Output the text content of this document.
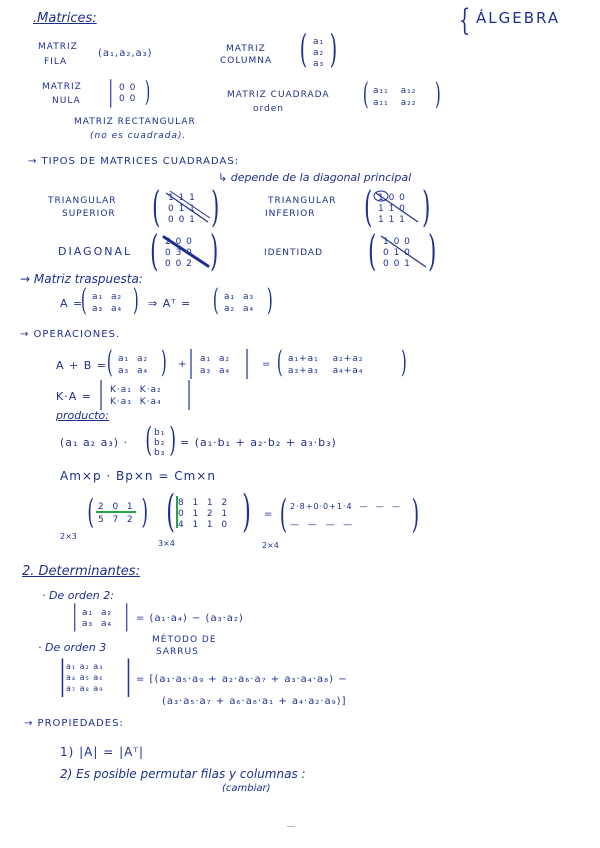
{ ÁLGEBRA
.Matrices:
MATRIZ
FILA
(a₁,a₂,a₃)	MATRIZ
COLUMNA ( a₁
a₂
a₃ )
MATRIZ
NULA | 0 0
0 0 )	MATRIZ CUADRADA
orden	( a₁₁ a₁₂
a₂₁ a₂₂ )
MATRIZ RECTANGULAR
(no es cuadrada).
→ TIPOS DE MATRICES CUADRADAS:
↳ depende de la diagonal principal
TRIANGULAR
SUPERIOR ( 1 1 1
0 1 1
0 0 1 )	TRIANGULAR
INFERIOR ( 1 0 0
1 1 0
1 1 1 )
DIAGONAL ( 2 0 0
0 3 0
0 0 2 )	IDENTIDAD ( 1 0 0
0 1 0
0 0 1 )
→ Matriz traspuesta:
A =
( a₁ a₂
a₃ a₄ ) ⇒ Aᵀ = ( a₁ a₃
a₂ a₄ )
→ OPERACIONES.
A + B = ( a₁ a₂
a₃ a₄ ) + | a₁ a₂
a₃ a₄ | = ( a₁+a₁ a₂+a₂
a₃+a₃ a₄+a₄ )
K·A = | K·a₁ K·a₂
K·a₃ K·a₄ |
producto:
(a₁ a₂ a₃) · ( b₁
b₂
b₃ ) = (a₁·b₁ + a₂·b₂ + a₃·b₃)
Am×p · Bp×n = Cm×n
( 2  0  1
5  7  2 )
2×3 ( 8  1  1  2
0  1  2  1
4  1  1  0 )
3×4
= ( 2·8+0·0+1·4  —  —  —
—  —  —  — )
2×4
2. Determinantes:
· De orden 2:
| a₁ a₂
a₃ a₄ | = (a₁·a₄) − (a₃·a₂)
· De orden 3
MÉTODO DE
SARRUS
| a₁ a₂ a₃
a₄ a₅ a₆
a₇ a₈ a₉ | = [(a₁·a₅·a₉ + a₂·a₆·a₇ + a₃·a₄·a₈) −
(a₃·a₅·a₇ + a₆·a₈·a₁ + a₄·a₂·a₉)]
→ PROPIEDADES:
1) |A| = |Aᵀ|
2) Es posible permutar filas y columnas :
(cambiar)
